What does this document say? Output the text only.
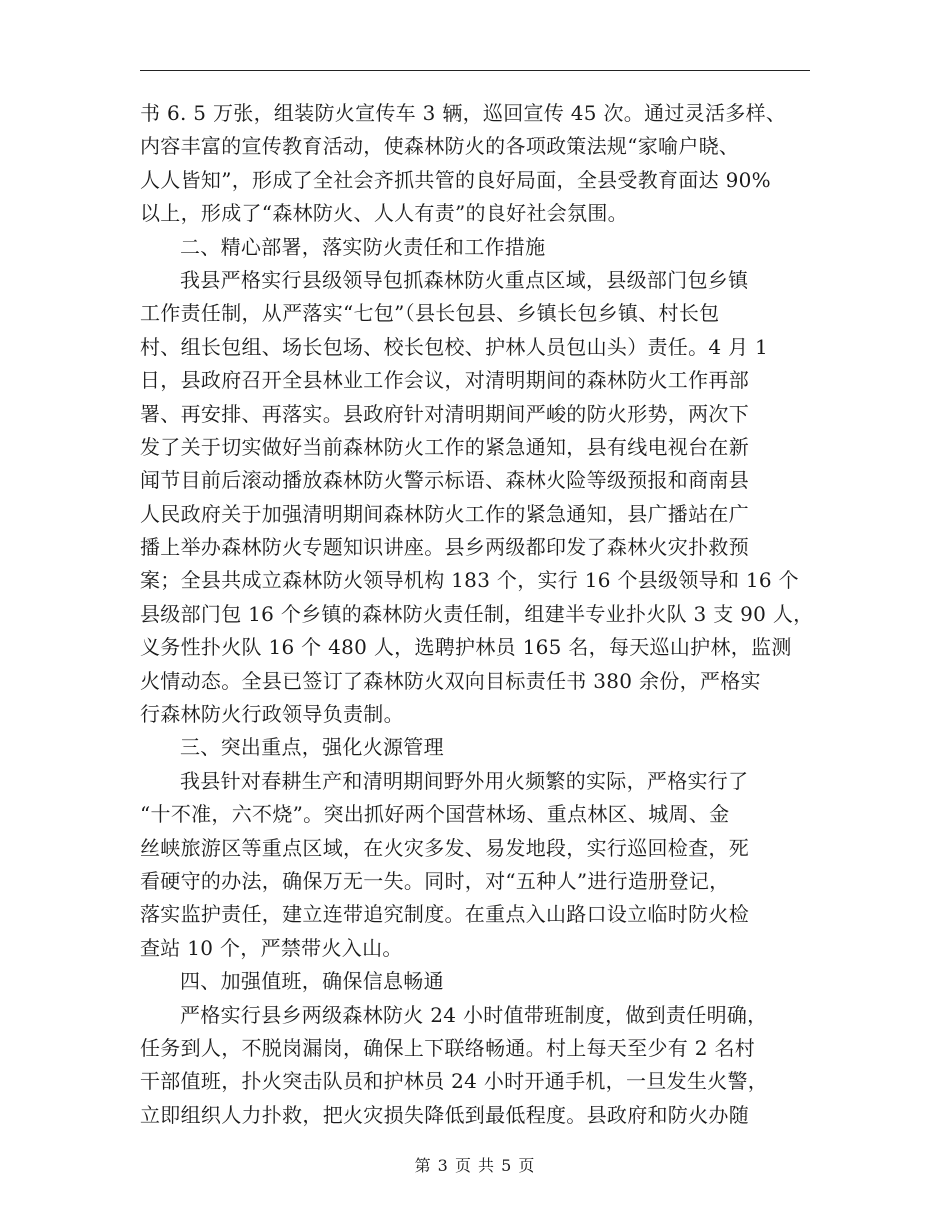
书 6. 5 万张，组装防火宣传车 3 辆，巡回宣传 45 次。通过灵活多样、
内容丰富的宣传教育活动，使森林防火的各项政策法规“家喻户晓、
人人皆知”，形成了全社会齐抓共管的良好局面，全县受教育面达 90%
以上，形成了“森林防火、人人有责”的良好社会氛围。
二、精心部署，落实防火责任和工作措施
我县严格实行县级领导包抓森林防火重点区域，县级部门包乡镇
工作责任制，从严落实“七包”（县长包县、乡镇长包乡镇、村长包
村、组长包组、场长包场、校长包校、护林人员包山头）责任。4 月 1
日，县政府召开全县林业工作会议，对清明期间的森林防火工作再部
署、再安排、再落实。县政府针对清明期间严峻的防火形势，两次下
发了关于切实做好当前森林防火工作的紧急通知，县有线电视台在新
闻节目前后滚动播放森林防火警示标语、森林火险等级预报和商南县
人民政府关于加强清明期间森林防火工作的紧急通知，县广播站在广
播上举办森林防火专题知识讲座。县乡两级都印发了森林火灾扑救预
案；全县共成立森林防火领导机构 183 个，实行 16 个县级领导和 16 个
县级部门包 16 个乡镇的森林防火责任制，组建半专业扑火队 3 支 90 人，
义务性扑火队 16 个 480 人，选聘护林员 165 名，每天巡山护林，监测
火情动态。全县已签订了森林防火双向目标责任书 380 余份，严格实
行森林防火行政领导负责制。
三、突出重点，强化火源管理
我县针对春耕生产和清明期间野外用火频繁的实际，严格实行了
“十不准，六不烧”。突出抓好两个国营林场、重点林区、城周、金
丝峡旅游区等重点区域，在火灾多发、易发地段，实行巡回检查，死
看硬守的办法，确保万无一失。同时，对“五种人”进行造册登记，
落实监护责任，建立连带追究制度。在重点入山路口设立临时防火检
查站 10 个，严禁带火入山。
四、加强值班，确保信息畅通
严格实行县乡两级森林防火 24 小时值带班制度，做到责任明确，
任务到人，不脱岗漏岗，确保上下联络畅通。村上每天至少有 2 名村
干部值班，扑火突击队员和护林员 24 小时开通手机，一旦发生火警，
立即组织人力扑救，把火灾损失降低到最低程度。县政府和防火办随
第 3 页 共 5 页
